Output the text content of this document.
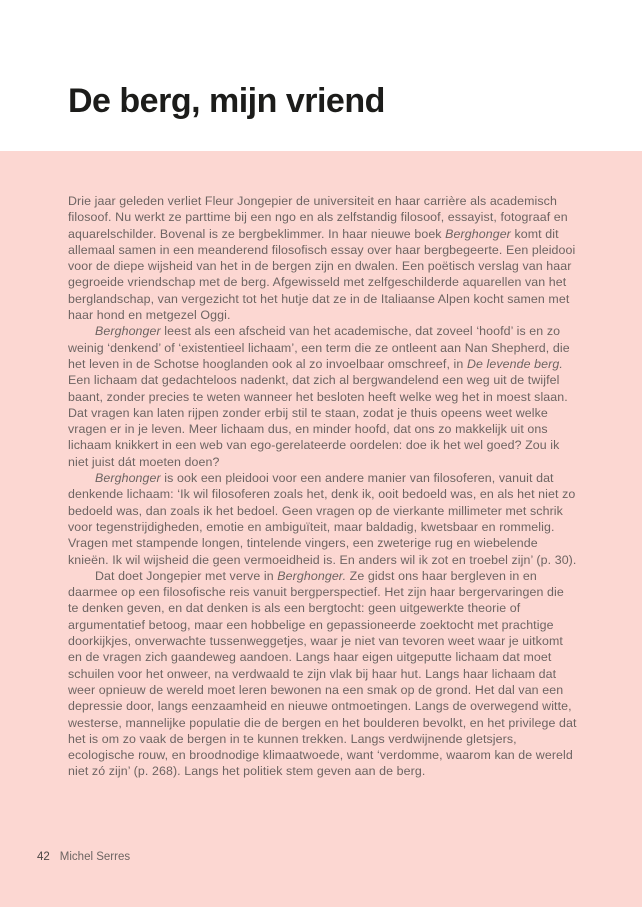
De berg, mijn vriend

Drie jaar geleden verliet Fleur Jongepier de universiteit en haar carrière als academisch filosoof. Nu werkt ze parttime bij een ngo en als zelfstandig filosoof, essayist, fotograaf en aquarelschilder. Bovenal is ze bergbeklimmer. In haar nieuwe boek Berghonger komt dit allemaal samen in een meanderend filosofisch essay over haar bergbegeerte. Een pleidooi voor de diepe wijsheid van het in de bergen zijn en dwalen. Een poëtisch verslag van haar gegroeide vriendschap met de berg. Afgewisseld met zelfgeschilderde aquarellen van het berglandschap, van vergezicht tot het hutje dat ze in de Italiaanse Alpen kocht samen met haar hond en metgezel Oggi.

Berghonger leest als een afscheid van het academische, dat zoveel ‘hoofd’ is en zo weinig ‘denkend’ of ‘existentieel lichaam’, een term die ze ontleent aan Nan Shepherd, die het leven in de Schotse hooglanden ook al zo invoelbaar omschreef, in De levende berg. Een lichaam dat gedachteloos nadenkt, dat zich al bergwandelend een weg uit de twijfel baant, zonder precies te weten wanneer het besloten heeft welke weg het in moest slaan. Dat vragen kan laten rijpen zonder erbij stil te staan, zodat je thuis opeens weet welke vragen er in je leven. Meer lichaam dus, en minder hoofd, dat ons zo makkelijk uit ons lichaam knikkert in een web van ego-gerelateerde oordelen: doe ik het wel goed? Zou ik niet juist dát moeten doen?

Berghonger is ook een pleidooi voor een andere manier van filosoferen, vanuit dat denkende lichaam: ‘Ik wil filosoferen zoals het, denk ik, ooit bedoeld was, en als het niet zo bedoeld was, dan zoals ik het bedoel. Geen vragen op de vierkante millimeter met schrik voor tegenstrijdigheden, emotie en ambiguïteit, maar baldadig, kwetsbaar en rommelig. Vragen met stampende longen, tintelende vingers, een zweterige rug en wiebelende knieën. Ik wil wijsheid die geen vermoeidheid is. En anders wil ik zot en troebel zijn’ (p. 30).

Dat doet Jongepier met verve in Berghonger. Ze gidst ons haar bergleven in en daarmee op een filosofische reis vanuit bergperspectief. Het zijn haar bergervaringen die te denken geven, en dat denken is als een bergtocht: geen uitgewerkte theorie of argumentatief betoog, maar een hobbelige en gepassioneerde zoektocht met prachtige doorkijkjes, onverwachte tussenweggetjes, waar je niet van tevoren weet waar je uitkomt en de vragen zich gaandeweg aandoen. Langs haar eigen uitgeputte lichaam dat moet schuilen voor het onweer, na verdwaald te zijn vlak bij haar hut. Langs haar lichaam dat weer opnieuw de wereld moet leren bewonen na een smak op de grond. Het dal van een depressie door, langs eenzaamheid en nieuwe ontmoetingen. Langs de overwegend witte, westerse, mannelijke populatie die de bergen en het boulderen bevolkt, en het privilege dat het is om zo vaak de bergen in te kunnen trekken. Langs verdwijnende gletsjers, ecologische rouw, en broodnodige klimaatwoede, want ‘verdomme, waarom kan de wereld niet zó zijn’ (p. 268). Langs het politiek stem geven aan de berg.

42 Michel Serres
